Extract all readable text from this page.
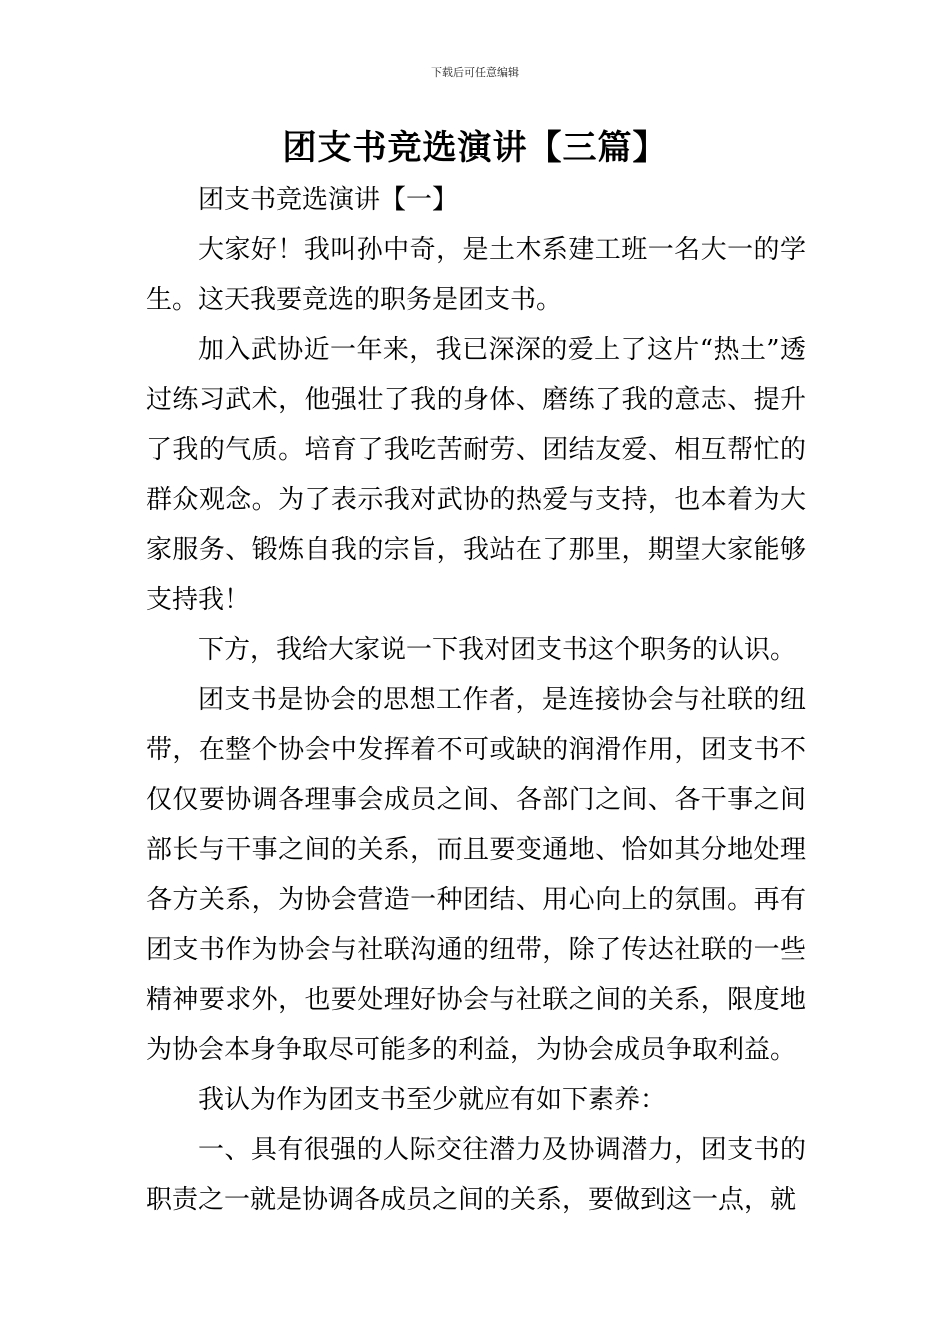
下载后可任意编辑
团支书竞选演讲【三篇】

团支书竞选演讲【一】

大家好！我叫孙中奇，是土木系建工班一名大一的学生。这天我要竞选的职务是团支书。

加入武协近一年来，我已深深的爱上了这片“热土”透过练习武术，他强壮了我的身体、磨练了我的意志、提升了我的气质。培育了我吃苦耐劳、团结友爱、相互帮忙的群众观念。为了表示我对武协的热爱与支持，也本着为大家服务、锻炼自我的宗旨，我站在了那里，期望大家能够支持我！

下方，我给大家说一下我对团支书这个职务的认识。

团支书是协会的思想工作者，是连接协会与社联的纽带，在整个协会中发挥着不可或缺的润滑作用，团支书不仅仅要协调各理事会成员之间、各部门之间、各干事之间部长与干事之间的关系，而且要变通地、恰如其分地处理各方关系，为协会营造一种团结、用心向上的氛围。再有团支书作为协会与社联沟通的纽带，除了传达社联的一些精神要求外，也要处理好协会与社联之间的关系，限度地为协会本身争取尽可能多的利益，为协会成员争取利益。

我认为作为团支书至少就应有如下素养：

一、具有很强的人际交往潜力及协调潜力，团支书的职责之一就是协调各成员之间的关系，要做到这一点，就
